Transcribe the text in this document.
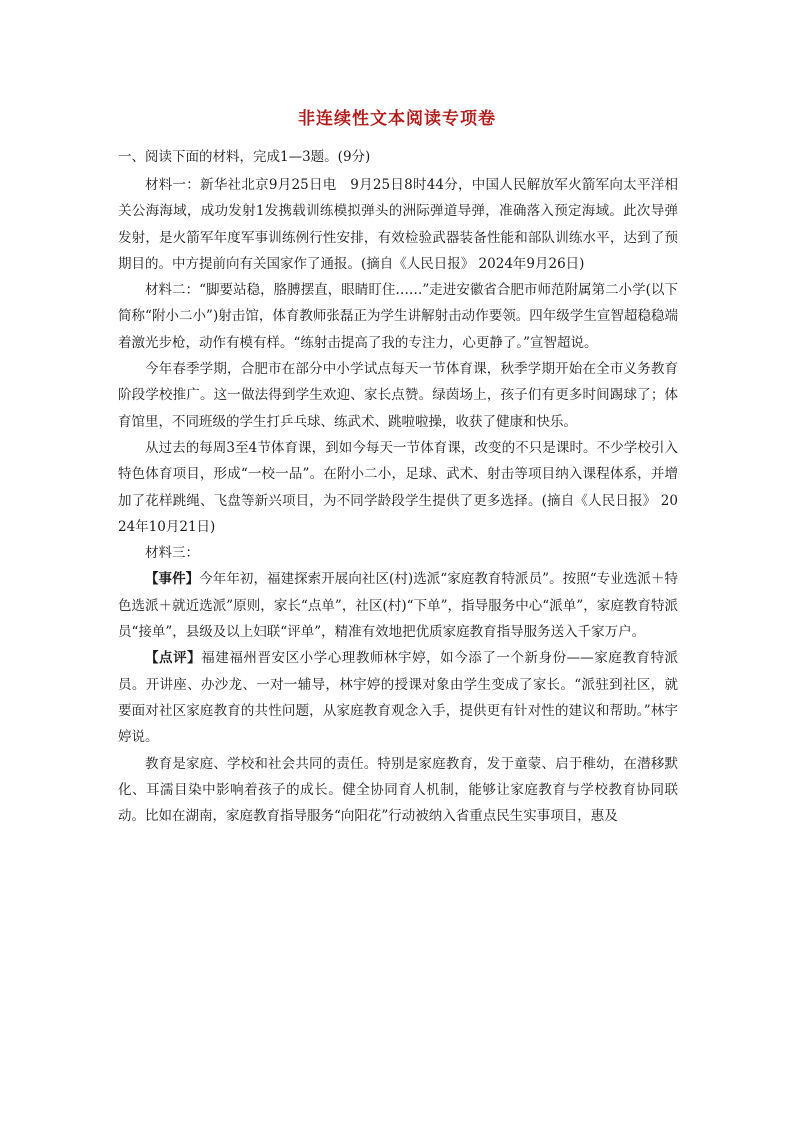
非连续性文本阅读专项卷
一、阅读下面的材料，完成1—3题。(9分)

材料一：新华社北京9月25日电　9月25日8时44分，中国人民解放军火箭军向太平洋相关公海海域，成功发射1发携载训练模拟弹头的洲际弹道导弹，准确落入预定海域。此次导弹发射，是火箭军年度军事训练例行性安排，有效检验武器装备性能和部队训练水平，达到了预期目的。中方提前向有关国家作了通报。(摘自《人民日报》 2024年9月26日)

材料二：“脚要站稳，胳膊摆直，眼睛盯住……”走进安徽省合肥市师范附属第二小学(以下简称“附小二小”)射击馆，体育教师张磊正为学生讲解射击动作要领。四年级学生宣智超稳稳端着激光步枪，动作有模有样。“练射击提高了我的专注力，心更静了。”宣智超说。

今年春季学期，合肥市在部分中小学试点每天一节体育课，秋季学期开始在全市义务教育阶段学校推广。这一做法得到学生欢迎、家长点赞。绿茵场上，孩子们有更多时间踢球了；体育馆里，不同班级的学生打乒乓球、练武术、跳啦啦操，收获了健康和快乐。

从过去的每周3至4节体育课，到如今每天一节体育课，改变的不只是课时。不少学校引入特色体育项目，形成“一校一品”。在附小二小，足球、武术、射击等项目纳入课程体系，并增加了花样跳绳、飞盘等新兴项目，为不同学龄段学生提供了更多选择。(摘自《人民日报》 2024年10月21日)

材料三：

【事件】今年年初，福建探索开展向社区(村)选派“家庭教育特派员”。按照“专业选派＋特色选派＋就近选派”原则，家长“点单”，社区(村)“下单”，指导服务中心“派单”，家庭教育特派员“接单”，县级及以上妇联“评单”，精准有效地把优质家庭教育指导服务送入千家万户。

【点评】福建福州晋安区小学心理教师林宇婷，如今添了一个新身份——家庭教育特派员。开讲座、办沙龙、一对一辅导，林宇婷的授课对象由学生变成了家长。“派驻到社区，就要面对社区家庭教育的共性问题，从家庭教育观念入手，提供更有针对性的建议和帮助。”林宇婷说。

教育是家庭、学校和社会共同的责任。特别是家庭教育，发于童蒙、启于稚幼，在潜移默化、耳濡目染中影响着孩子的成长。健全协同育人机制，能够让家庭教育与学校教育协同联动。比如在湖南，家庭教育指导服务“向阳花”行动被纳入省重点民生实事项目，惠及
